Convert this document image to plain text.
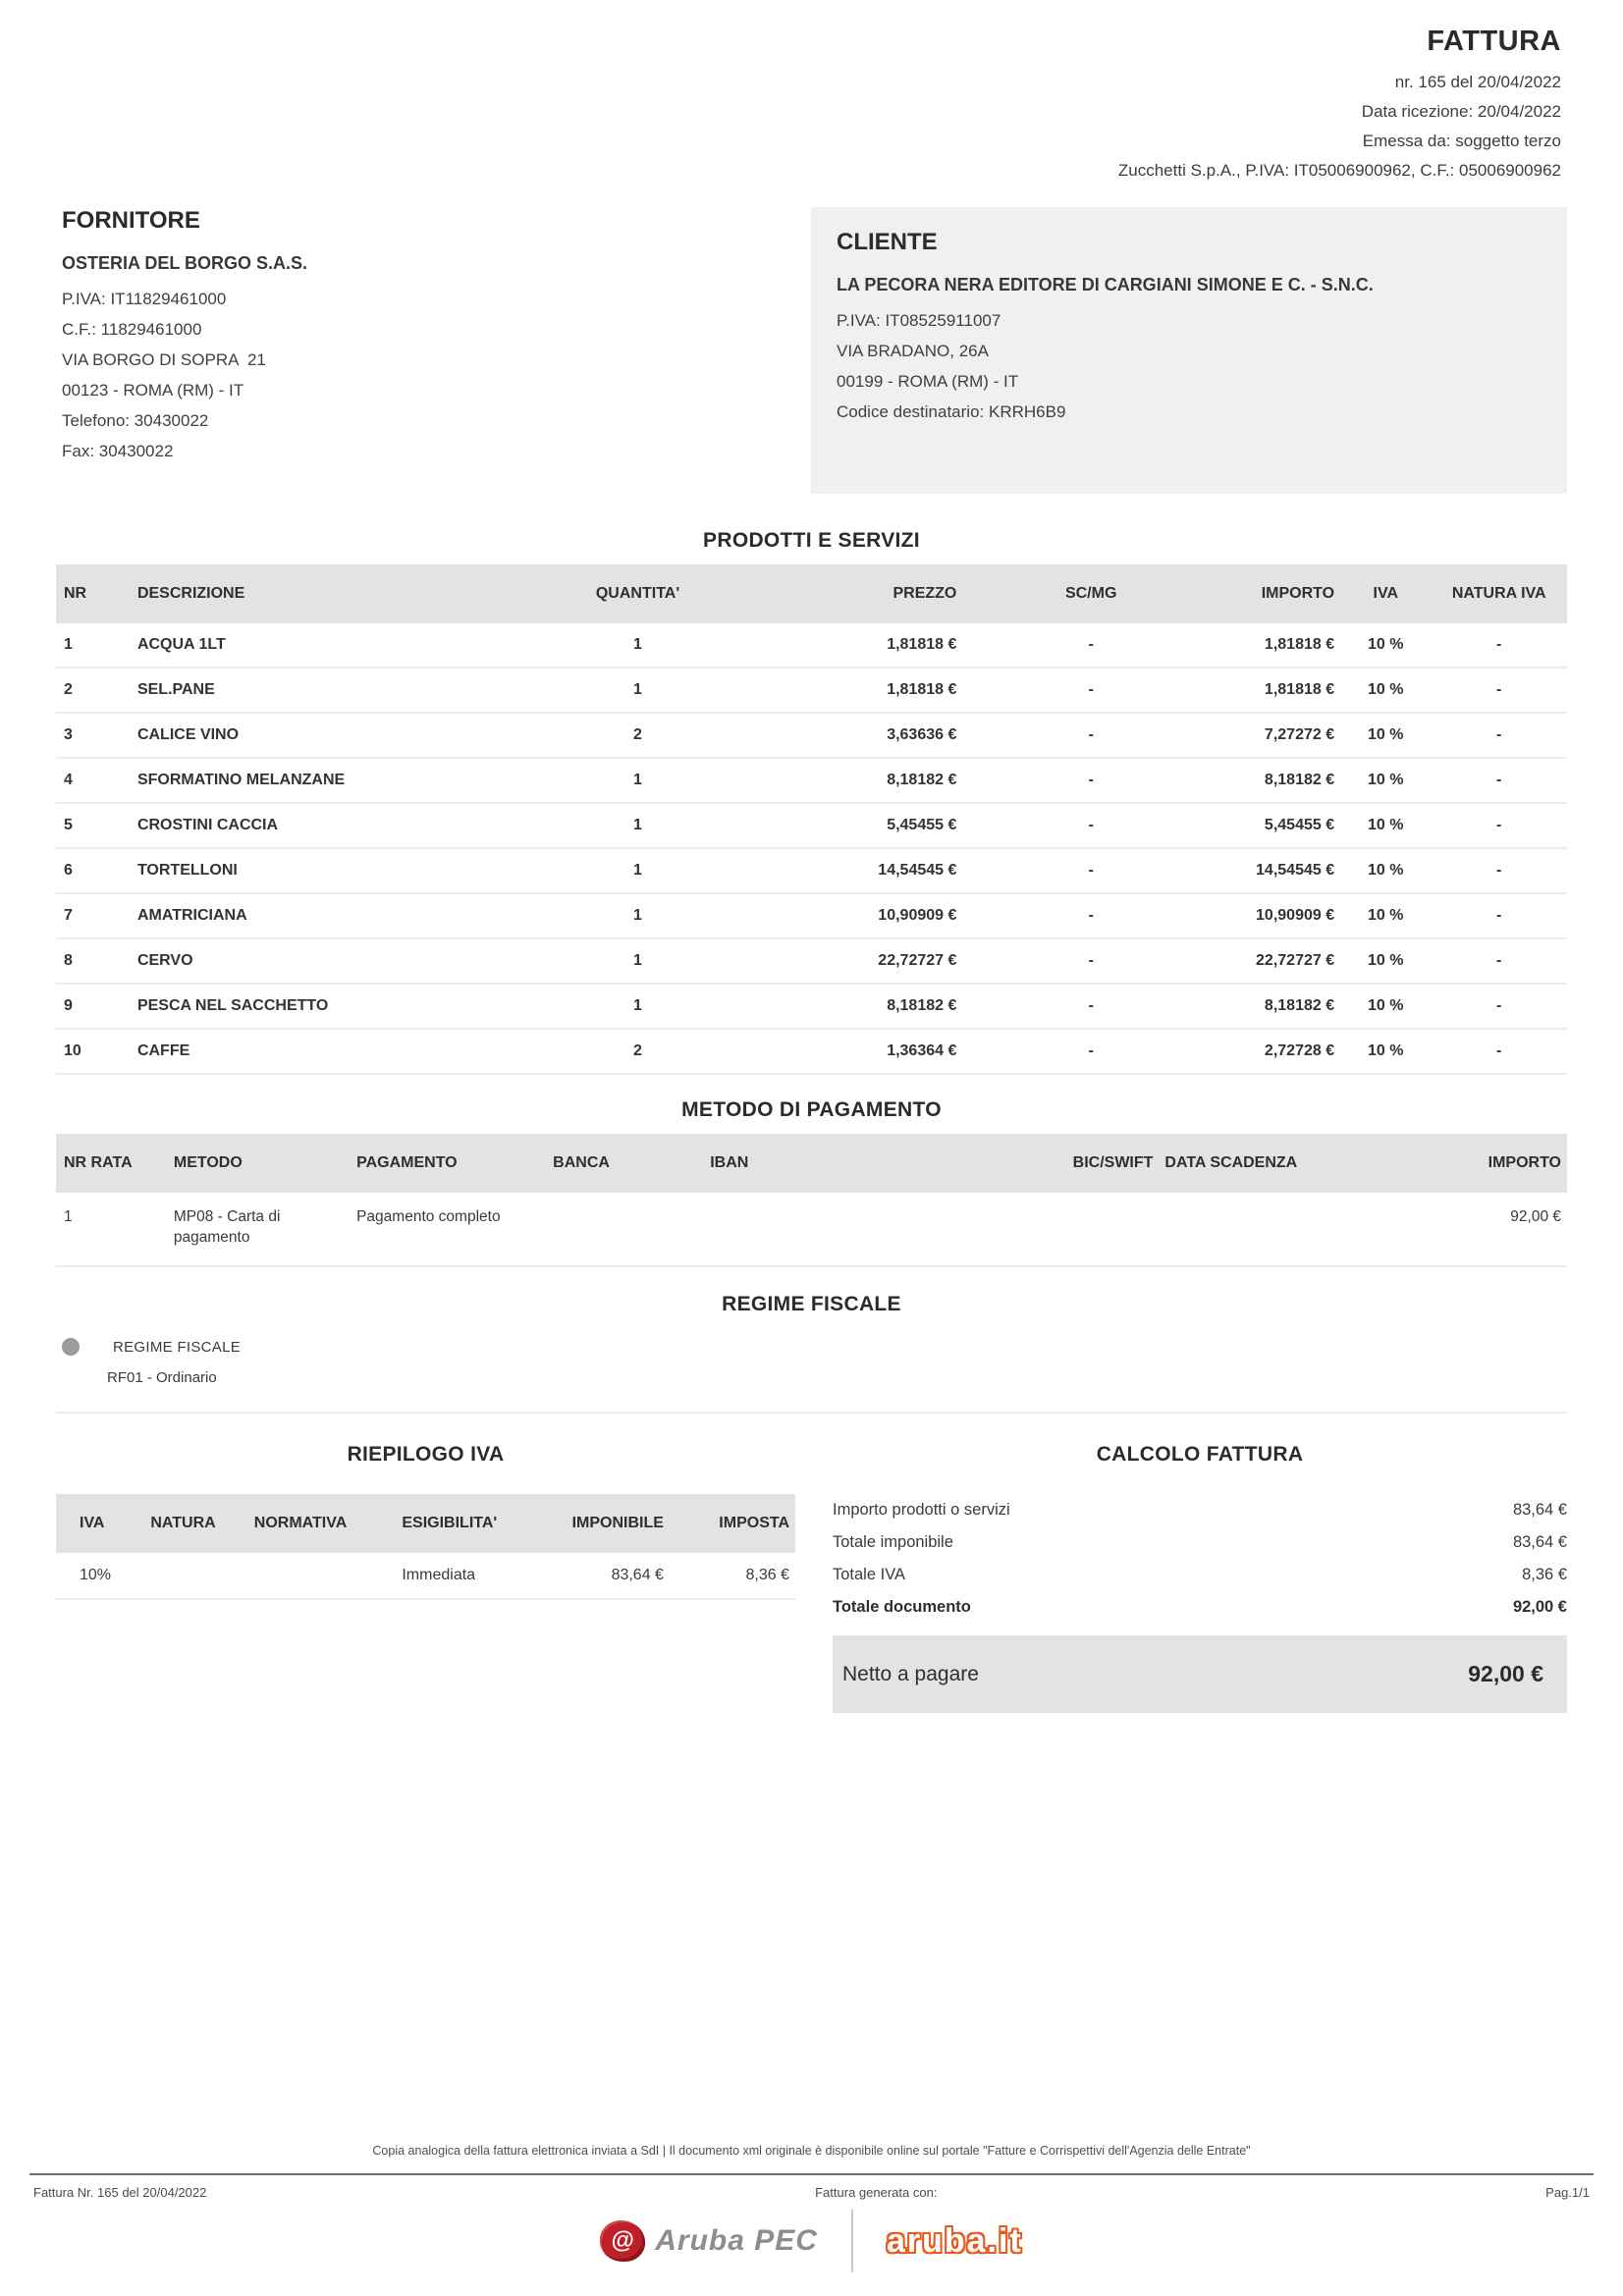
FATTURA
nr. 165 del 20/04/2022
Data ricezione: 20/04/2022
Emessa da: soggetto terzo
Zucchetti S.p.A., P.IVA: IT05006900962, C.F.: 05006900962
FORNITORE
OSTERIA DEL BORGO S.A.S.
P.IVA: IT11829461000
C.F.: 11829461000
VIA BORGO DI SOPRA  21
00123 - ROMA (RM) - IT
Telefono: 30430022
Fax: 30430022
CLIENTE
LA PECORA NERA EDITORE DI CARGIANI SIMONE E C. - S.N.C.
P.IVA: IT08525911007
VIA BRADANO, 26A
00199 - ROMA (RM) - IT
Codice destinatario: KRRH6B9
PRODOTTI E SERVIZI
NR	DESCRIZIONE	QUANTITA'	PREZZO	SC/MG	IMPORTO	IVA	NATURA IVA
1	ACQUA 1LT	1	1,81818 €	-	1,81818 €	10 %	-
2	SEL.PANE	1	1,81818 €	-	1,81818 €	10 %	-
3	CALICE VINO	2	3,63636 €	-	7,27272 €	10 %	-
4	SFORMATINO MELANZANE	1	8,18182 €	-	8,18182 €	10 %	-
5	CROSTINI CACCIA	1	5,45455 €	-	5,45455 €	10 %	-
6	TORTELLONI	1	14,54545 €	-	14,54545 €	10 %	-
7	AMATRICIANA	1	10,90909 €	-	10,90909 €	10 %	-
8	CERVO	1	22,72727 €	-	22,72727 €	10 %	-
9	PESCA NEL SACCHETTO	1	8,18182 €	-	8,18182 €	10 %	-
10	CAFFE	2	1,36364 €	-	2,72728 €	10 %	-
METODO DI PAGAMENTO
NR RATA	METODO	PAGAMENTO	BANCA	IBAN	BIC/SWIFT	DATA SCADENZA	IMPORTO
1	MP08 - Carta di pagamento	Pagamento completo					92,00 €
REGIME FISCALE
REGIME FISCALE
RF01 - Ordinario
RIEPILOGO IVA
IVA	NATURA	NORMATIVA	ESIGIBILITA'	IMPONIBILE	IMPOSTA
10%			Immediata	83,64 €	8,36 €
CALCOLO FATTURA
Importo prodotti o servizi	83,64 €
Totale imponibile	83,64 €
Totale IVA	8,36 €
Totale documento	92,00 €
Netto a pagare	92,00 €
Copia analogica della fattura elettronica inviata a SdI | Il documento xml originale è disponibile online sul portale "Fatture e Corrispettivi dell'Agenzia delle Entrate"
Fattura Nr. 165 del 20/04/2022	Fattura generata con:	Pag.1/1
@ Aruba PEC aruba.it
